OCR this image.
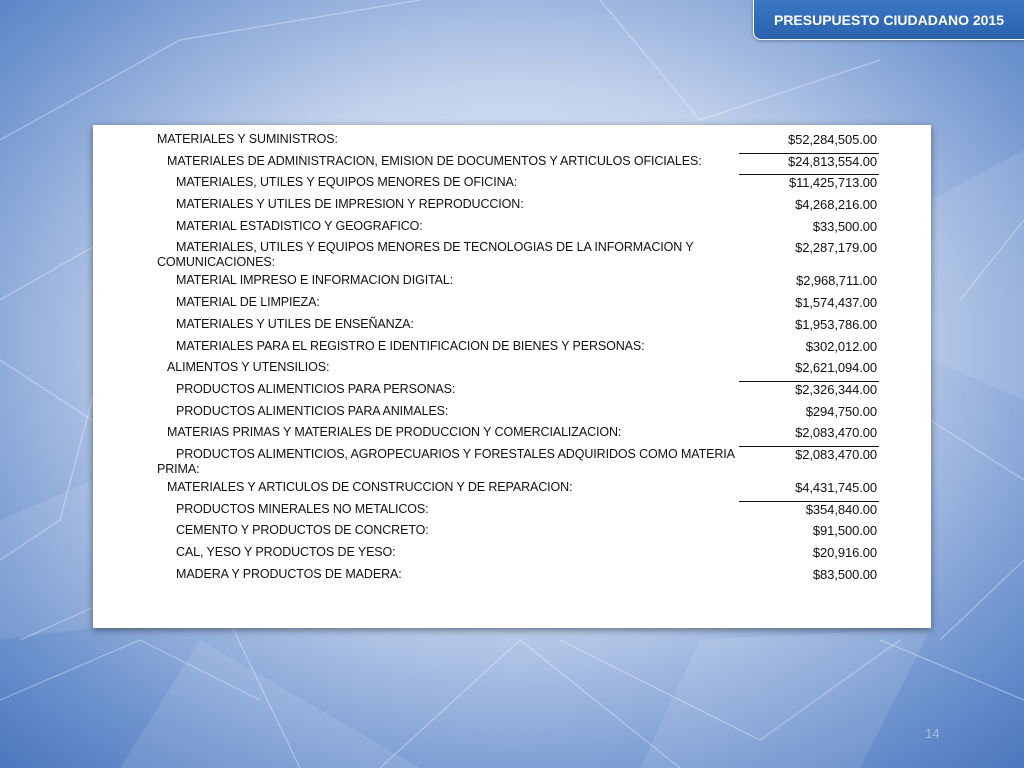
PRESUPUESTO CIUDADANO 2015
MATERIALES Y SUMINISTROS:	$52,284,505.00
MATERIALES DE ADMINISTRACION, EMISION DE DOCUMENTOS Y ARTICULOS OFICIALES:	$24,813,554.00
MATERIALES, UTILES Y EQUIPOS MENORES DE OFICINA:	$11,425,713.00
MATERIALES Y UTILES DE IMPRESION Y REPRODUCCION:	$4,268,216.00
MATERIAL ESTADISTICO Y GEOGRAFICO:	$33,500.00
MATERIALES, UTILES Y EQUIPOS MENORES DE TECNOLOGIAS DE LA INFORMACION Y
COMUNICACIONES:
$2,287,179.00
MATERIAL IMPRESO E INFORMACION DIGITAL:	$2,968,711.00
MATERIAL DE LIMPIEZA:	$1,574,437.00
MATERIALES Y UTILES DE ENSEÑANZA:	$1,953,786.00
MATERIALES PARA EL REGISTRO E IDENTIFICACION DE BIENES Y PERSONAS:	$302,012.00
ALIMENTOS Y UTENSILIOS:	$2,621,094.00
PRODUCTOS ALIMENTICIOS PARA PERSONAS:	$2,326,344.00
PRODUCTOS ALIMENTICIOS PARA ANIMALES:	$294,750.00
MATERIAS PRIMAS Y MATERIALES DE PRODUCCION Y COMERCIALIZACION:	$2,083,470.00
PRODUCTOS ALIMENTICIOS, AGROPECUARIOS Y FORESTALES ADQUIRIDOS COMO MATERIA
PRIMA:
$2,083,470.00
MATERIALES Y ARTICULOS DE CONSTRUCCION Y DE REPARACION:	$4,431,745.00
PRODUCTOS MINERALES NO METALICOS:	$354,840.00
CEMENTO Y PRODUCTOS DE CONCRETO:	$91,500.00
CAL, YESO Y PRODUCTOS DE YESO:	$20,916.00
MADERA Y PRODUCTOS DE MADERA:	$83,500.00
14
